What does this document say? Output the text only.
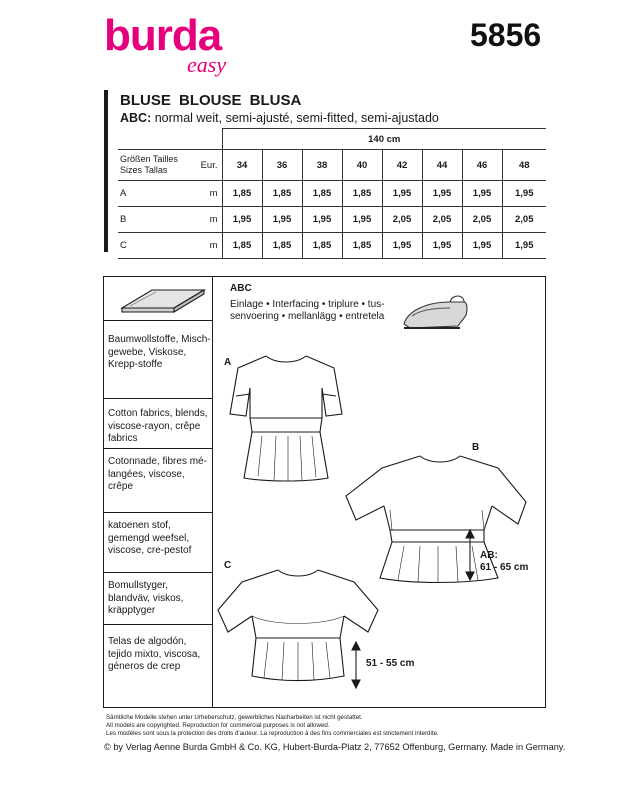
burda
easy
5856
BLUSE BLOUSE BLUSA
ABC: normal weit, semi-ajusté, semi-fitted, semi-ajustado
		140 cm							

Größen Tailles
Sizes Tallas	Eur.	34	36	38	40	42	44	46	48
A	m	1,85	1,85	1,85	1,85	1,95	1,95	1,95	1,95
B	m	1,95	1,95	1,95	1,95	2,05	2,05	2,05	2,05
C	m	1,85	1,85	1,85	1,85	1,95	1,95	1,95	1,95
Baumwollstoffe, Misch-gewebe, Viskose, Krepp-stoffe
Cotton fabrics, blends, viscose-rayon, crêpe fabrics
Cotonnade, fibres mé-langées, viscose, crêpe
katoenen stof, gemengd weefsel, viscose, cre-pestof
Bomullstyger, blandväv, viskos, kräpptyger
Telas de algodón, tejido mixto, viscosa, géneros de crep
ABC
Einlage • Interfacing • triplure • tus-senvoering • mellanlägg • entretela
A
B
AB:
61 - 65 cm
C
51 - 55 cm
Sämtliche Modelle stehen unter Urheberschutz, gewerbliches Nacharbeiten ist nicht gestattet.
All models are copyrighted. Reproduction for commercial purposes is not allowed.
Les modèles sont sous la protection des droits d'auteur. La reproduction à des fins commerciales est strictement interdite.
© by Verlag Aenne Burda GmbH & Co. KG, Hubert-Burda-Platz 2, 77652 Offenburg, Germany. Made in Germany.
